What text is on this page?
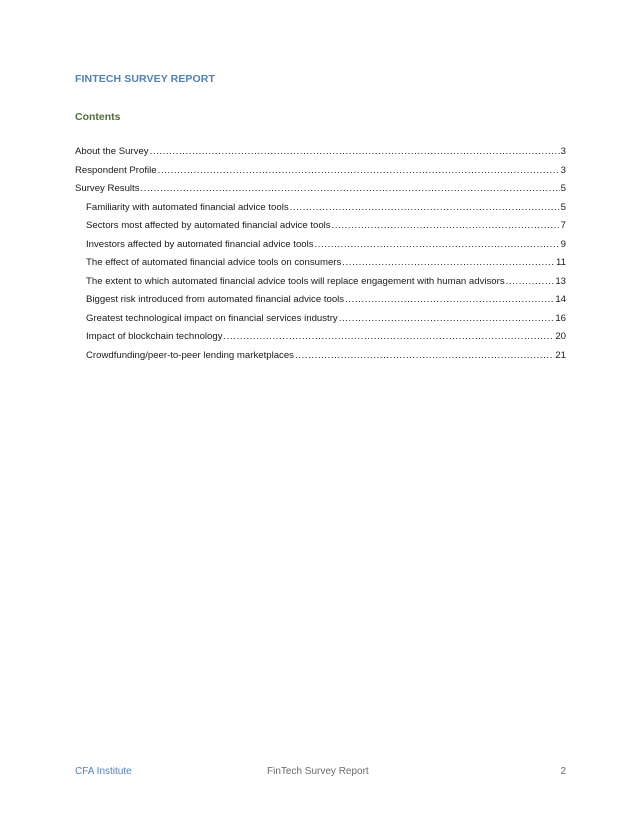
FINTECH SURVEY REPORT
Contents
About the Survey .....	3
Respondent Profile .....	3
Survey Results .....	5
Familiarity with automated financial advice tools .....	5
Sectors most affected by automated financial advice tools .....	7
Investors affected by automated financial advice tools .....	9
The effect of automated financial advice tools on consumers .....	11
The extent to which automated financial advice tools will replace engagement with human advisors .....	13
Biggest risk introduced from automated financial advice tools .....	14
Greatest technological impact on financial services industry .....	16
Impact of blockchain technology .....	20
Crowdfunding/peer-to-peer lending marketplaces .....	21
CFA Institute	FinTech Survey Report	2
